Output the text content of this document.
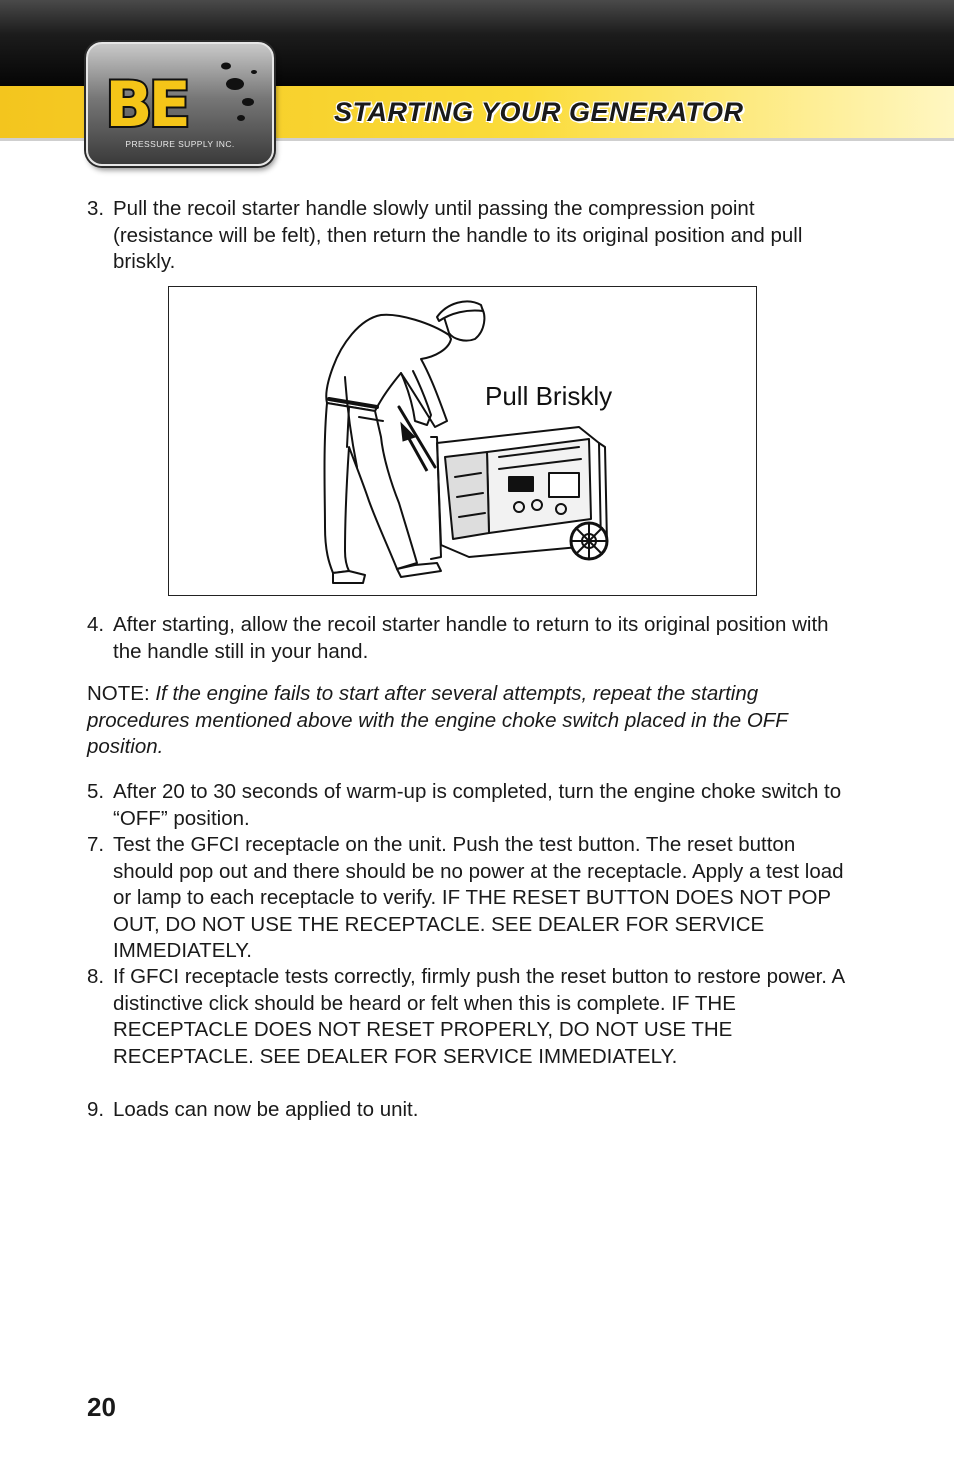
STARTING YOUR GENERATOR
BE
PRESSURE SUPPLY INC.
3. Pull the recoil starter handle slowly until passing the compression point (resistance will be felt), then return the handle to its original position and pull briskly.
Pull Briskly
4. After starting, allow the recoil starter handle to return to its original position with the handle still in your hand.
NOTE: If the engine fails to start after several attempts, repeat the starting procedures mentioned above with the engine choke switch placed in the OFF position.
5. After 20 to 30 seconds of warm-up is completed, turn the engine choke switch to “OFF” position.
7. Test the GFCI receptacle on the unit. Push the test button. The reset button should pop out and there should be no power at the receptacle. Apply a test load or lamp to each receptacle to verify. IF THE RESET BUTTON DOES NOT POP OUT, DO NOT USE THE RECEPTACLE. SEE DEALER FOR SERVICE IMMEDIATELY.
8. If GFCI receptacle tests correctly, firmly push the reset button to restore power. A distinctive click should be heard or felt when this is complete. IF THE RECEPTACLE DOES NOT RESET PROPERLY, DO NOT USE THE RECEPTACLE. SEE DEALER FOR SERVICE IMMEDIATELY.
9. Loads can now be applied to unit.
20
